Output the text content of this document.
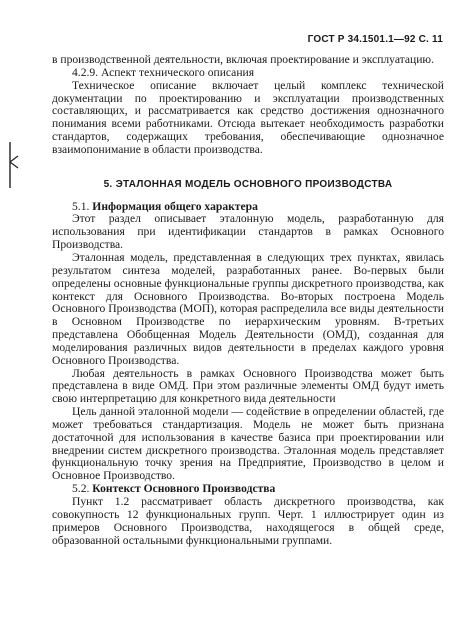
ГОСТ Р 34.1501.1—92 С. 11

в производственной деятельности, включая проектирование и эксплуатацию.

4.2.9. Аспект технического описания

Техническое описание включает целый комплекс технической документации по проектированию и эксплуатации производственных составляющих, и рассматривается как средство достижения однозначного понимания всеми работниками. Отсюда вытекает необходимость разработки стандартов, содержащих требования, обеспечивающие однозначное взаимопонимание в области производства.

5. ЭТАЛОННАЯ МОДЕЛЬ ОСНОВНОГО ПРОИЗВОДСТВА

5.1. Информация общего характера

Этот раздел описывает эталонную модель, разработанную для использования при идентификации стандартов в рамках Основного Производства.

Эталонная модель, представленная в следующих трех пунктах, явилась результатом синтеза моделей, разработанных ранее. Во-первых были определены основные функциональные группы дискретного производства, как контекст для Основного Производства. Во-вторых построена Модель Основного Производства (МОП), которая распределила все виды деятельности в Основном Производстве по иерархическим уровням. В-третьих представлена Обобщенная Модель Деятельности (ОМД), созданная для моделирования различных видов деятельности в пределах каждого уровня Основного Производства.

Любая деятельность в рамках Основного Производства может быть представлена в виде ОМД. При этом различные элементы ОМД будут иметь свою интерпретацию для конкретного вида деятельности

Цель данной эталонной модели — содействие в определении областей, где может требоваться стандартизация. Модель не может быть признана достаточной для использования в качестве базиса при проектировании или внедрении систем дискретного производства. Эталонная модель представляет функциональную точку зрения на Предприятие, Производство в целом и Основное Производство.

5.2. Контекст Основного Производства

Пункт 1.2 рассматривает область дискретного производства, как совокупность 12 функциональных групп. Черт. 1 иллюстрирует один из примеров Основного Производства, находящегося в общей среде, образованной остальными функциональными группами.
